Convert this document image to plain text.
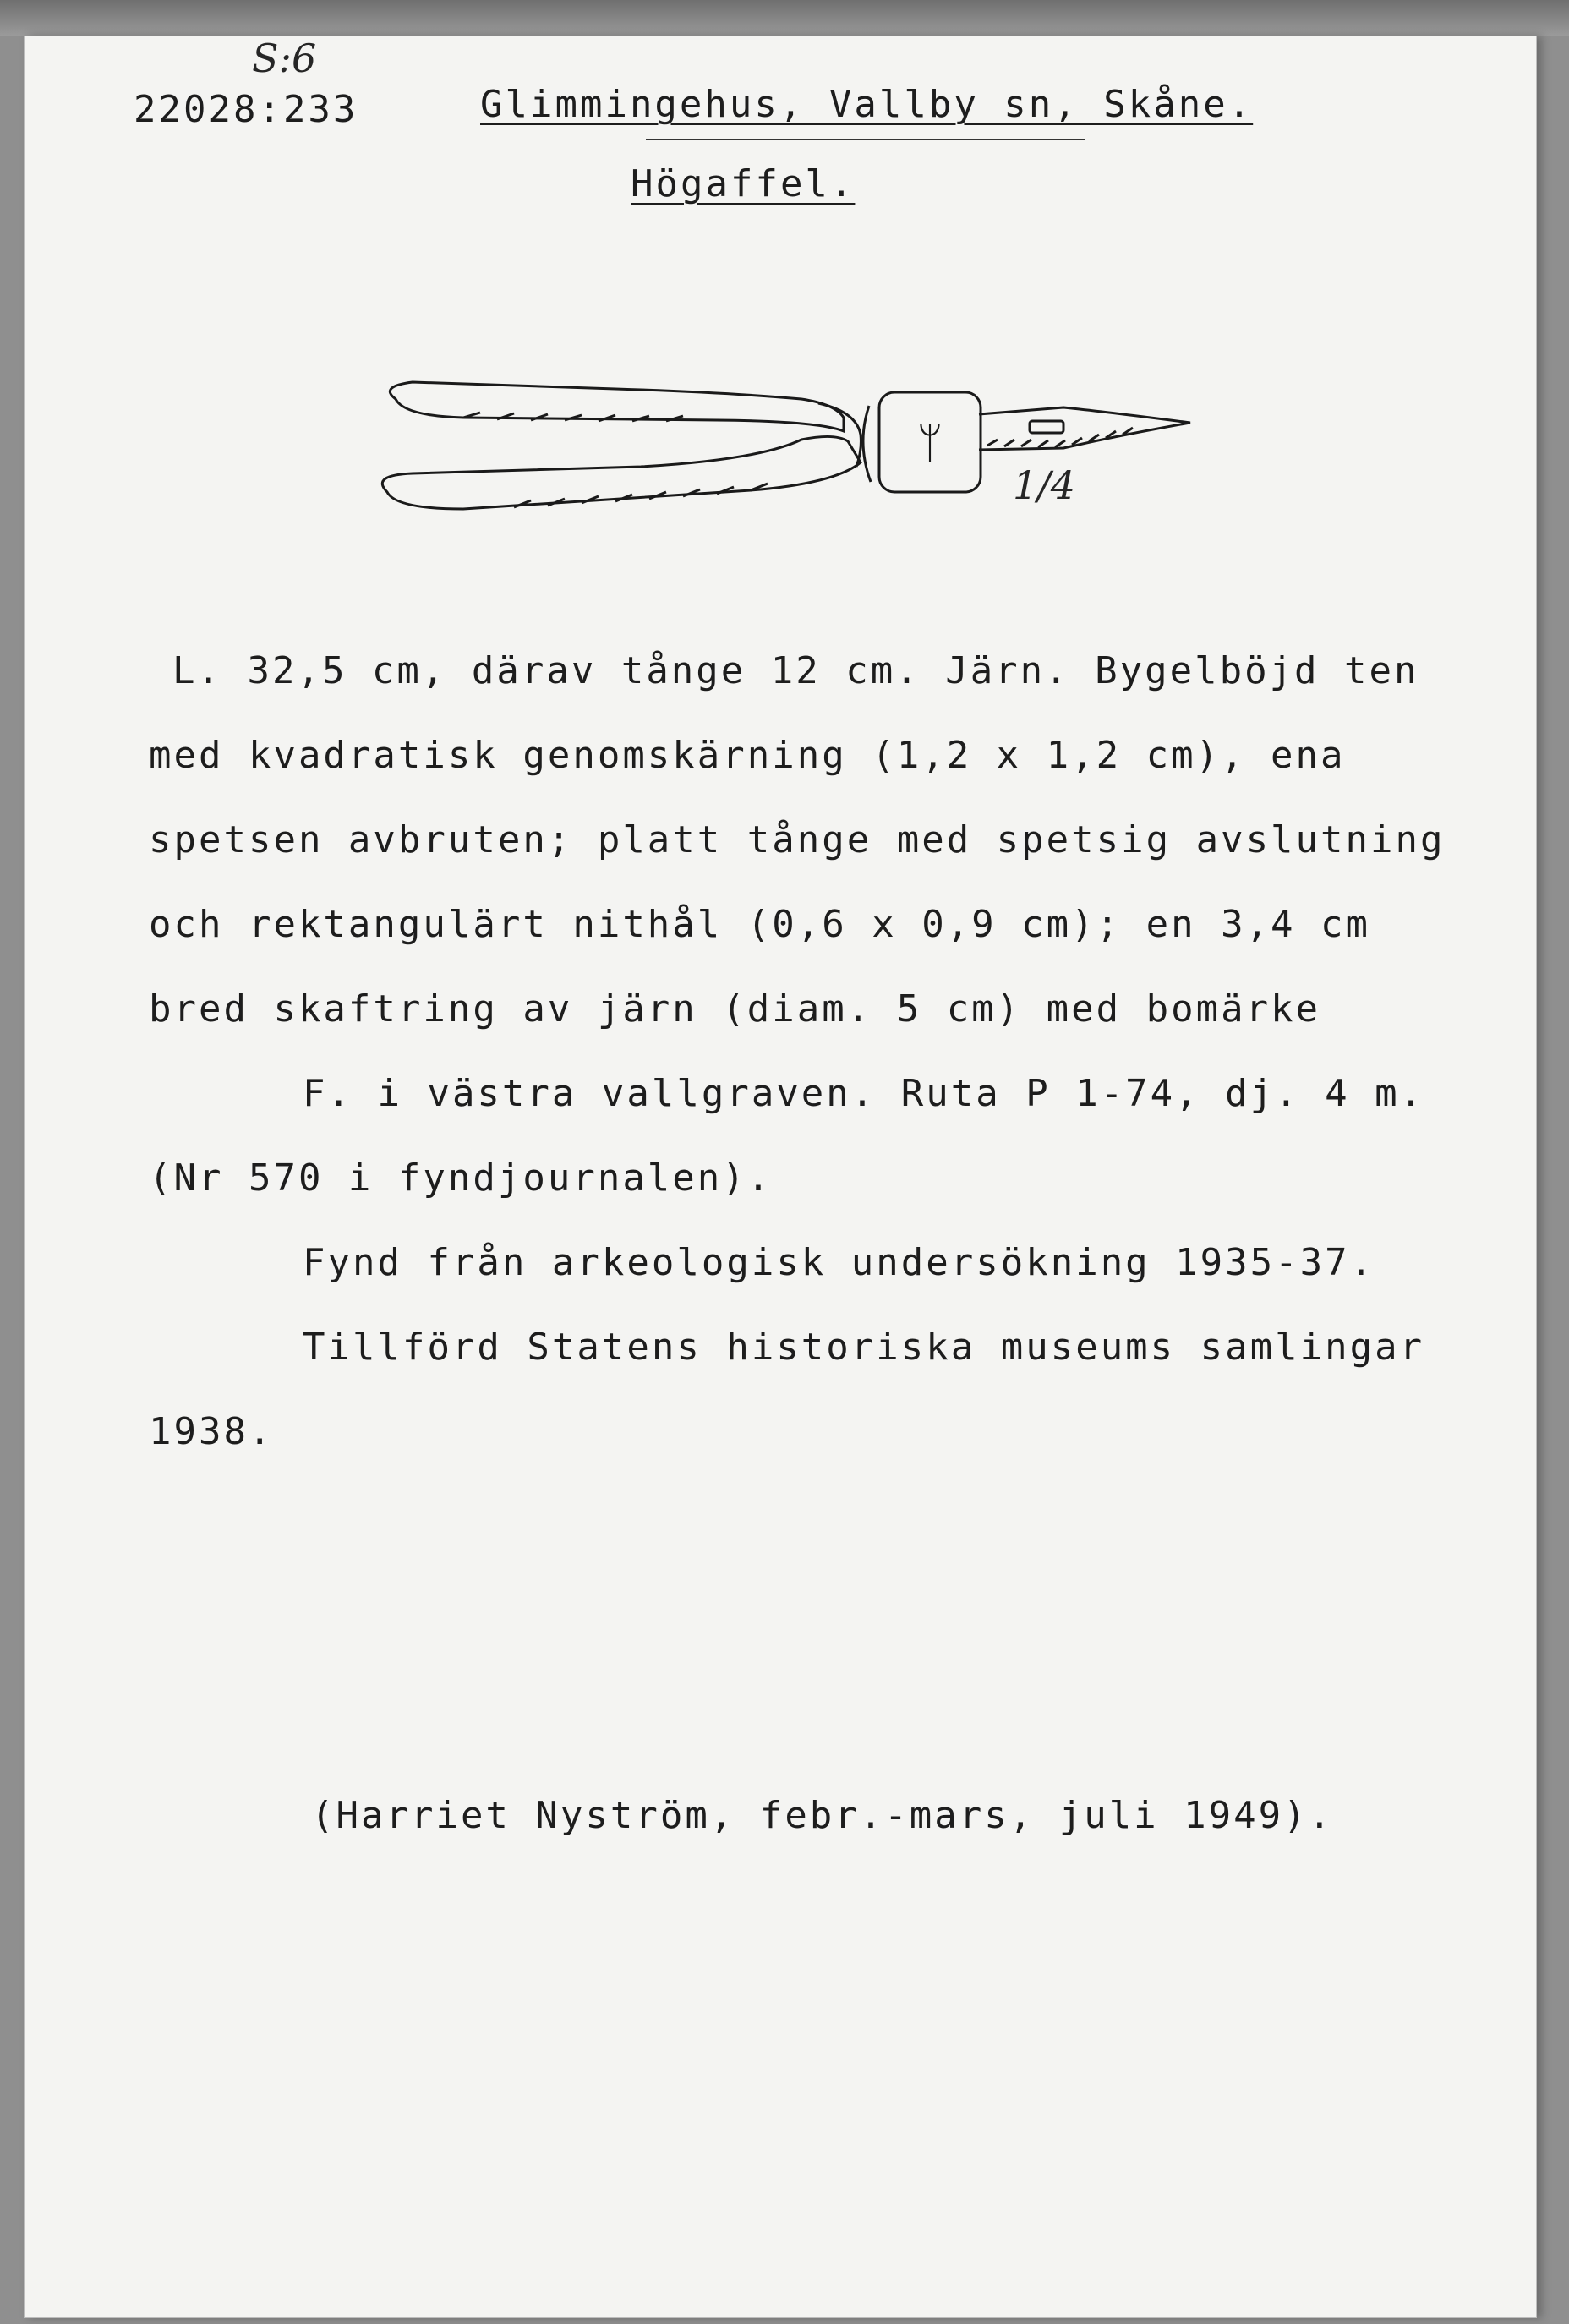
S:6
22028:233	Glimmingehus, Vallby sn, Skåne.
Högaffel.
ᛘ
1/4
L. 32,5 cm, därav tånge 12 cm. Järn. Bygelböjd ten
med kvadratisk genomskärning (1,2 x 1,2 cm), ena
spetsen avbruten; platt tånge med spetsig avslutning
och rektangulärt nithål (0,6 x 0,9 cm); en 3,4 cm
bred skaftring av järn (diam. 5 cm) med bomärke
F. i västra vallgraven. Ruta P 1-74, dj. 4 m.
(Nr 570 i fyndjournalen).
Fynd från arkeologisk undersökning 1935-37.
Tillförd Statens historiska museums samlingar
1938.
(Harriet Nyström, febr.-mars, juli 1949).
